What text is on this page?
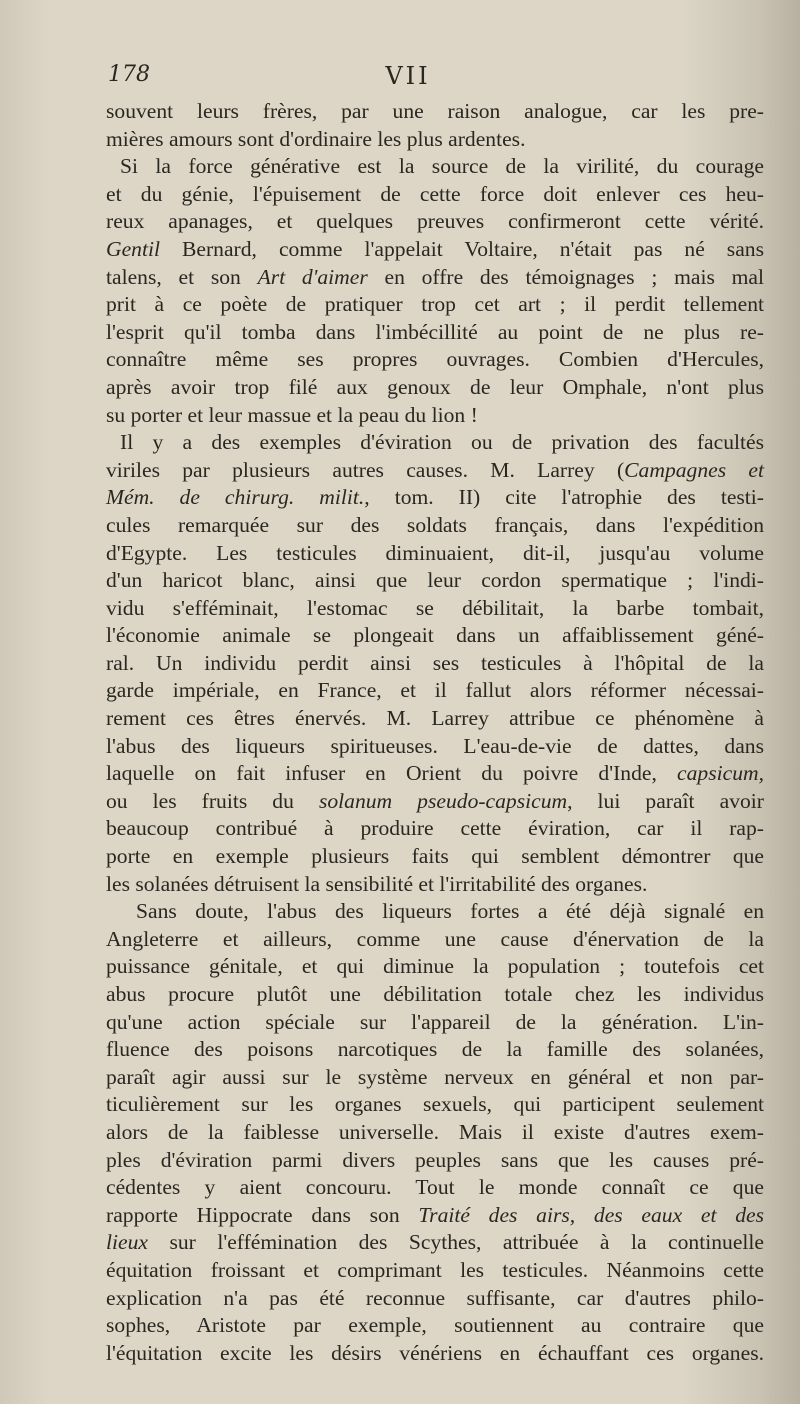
178	VII
souvent leurs frères, par une raison analogue, car les pre-
mières amours sont d'ordinaire les plus ardentes.
Si la force générative est la source de la virilité, du courage
et du génie, l'épuisement de cette force doit enlever ces heu-
reux apanages, et quelques preuves confirmeront cette vérité.
Gentil Bernard, comme l'appelait Voltaire, n'était pas né sans
talens, et son Art d'aimer en offre des témoignages ; mais mal
prit à ce poète de pratiquer trop cet art ; il perdit tellement
l'esprit qu'il tomba dans l'imbécillité au point de ne plus re-
connaître même ses propres ouvrages. Combien d'Hercules,
après avoir trop filé aux genoux de leur Omphale, n'ont plus
su porter et leur massue et la peau du lion !
Il y a des exemples d'éviration ou de privation des facultés
viriles par plusieurs autres causes. M. Larrey (Campagnes et
Mém. de chirurg. milit., tom. II) cite l'atrophie des testi-
cules remarquée sur des soldats français, dans l'expédition
d'Egypte. Les testicules diminuaient, dit-il, jusqu'au volume
d'un haricot blanc, ainsi que leur cordon spermatique ; l'indi-
vidu s'efféminait, l'estomac se débilitait, la barbe tombait,
l'économie animale se plongeait dans un affaiblissement géné-
ral. Un individu perdit ainsi ses testicules à l'hôpital de la
garde impériale, en France, et il fallut alors réformer nécessai-
rement ces êtres énervés. M. Larrey attribue ce phénomène à
l'abus des liqueurs spiritueuses. L'eau-de-vie de dattes, dans
laquelle on fait infuser en Orient du poivre d'Inde, capsicum,
ou les fruits du solanum pseudo-capsicum, lui paraît avoir
beaucoup contribué à produire cette éviration, car il rap-
porte en exemple plusieurs faits qui semblent démontrer que
les solanées détruisent la sensibilité et l'irritabilité des organes.
Sans doute, l'abus des liqueurs fortes a été déjà signalé en
Angleterre et ailleurs, comme une cause d'énervation de la
puissance génitale, et qui diminue la population ; toutefois cet
abus procure plutôt une débilitation totale chez les individus
qu'une action spéciale sur l'appareil de la génération. L'in-
fluence des poisons narcotiques de la famille des solanées,
paraît agir aussi sur le système nerveux en général et non par-
ticulièrement sur les organes sexuels, qui participent seulement
alors de la faiblesse universelle. Mais il existe d'autres exem-
ples d'éviration parmi divers peuples sans que les causes pré-
cédentes y aient concouru. Tout le monde connaît ce que
rapporte Hippocrate dans son Traité des airs, des eaux et des
lieux sur l'effémination des Scythes, attribuée à la continuelle
équitation froissant et comprimant les testicules. Néanmoins cette
explication n'a pas été reconnue suffisante, car d'autres philo-
sophes, Aristote par exemple, soutiennent au contraire que
l'équitation excite les désirs vénériens en échauffant ces organes.
